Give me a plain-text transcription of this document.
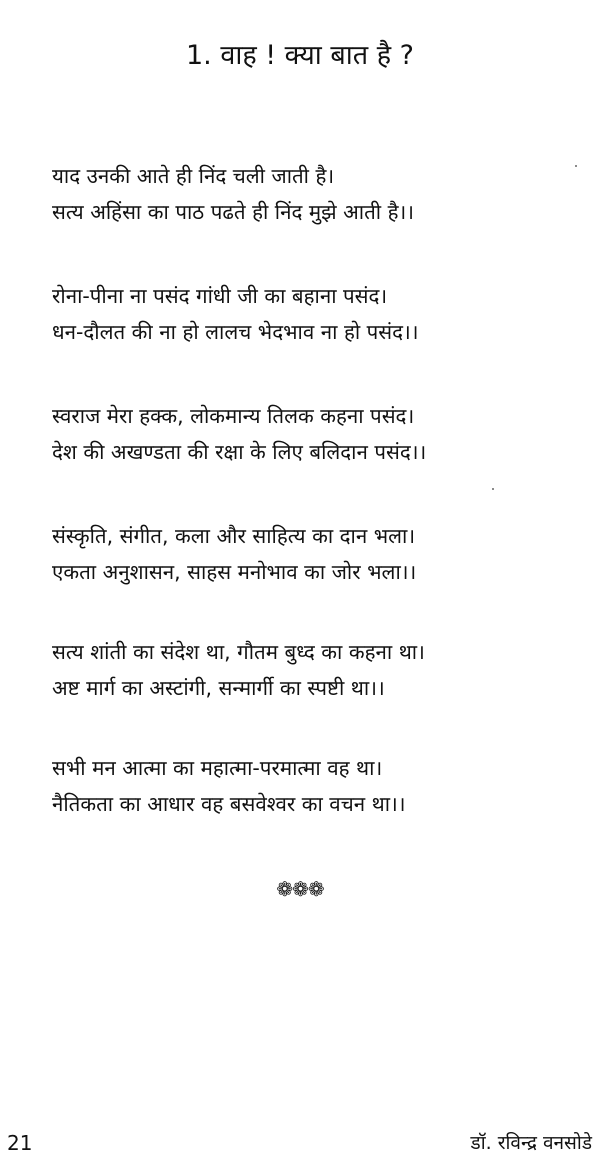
1. वाह ! क्या बात है ?
याद उनकी आते ही निंद चली जाती है।
सत्य अहिंसा का पाठ पढते ही निंद मुझे आती है।।
रोना-पीना ना पसंद गांधी जी का बहाना पसंद।
धन-दौलत की ना हो लालच भेदभाव ना हो पसंद।।
स्वराज मेरा हक्क, लोकमान्य तिलक कहना पसंद।
देश की अखण्डता की रक्षा के लिए बलिदान पसंद।।
संस्कृति, संगीत, कला और साहित्य का दान भला।
एकता अनुशासन, साहस मनोभाव का जोर भला।।
सत्य शांती का संदेश था, गौतम बुध्द का कहना था।
अष्ट मार्ग का अस्टांगी, सन्मार्गी का स्पष्टी था।।
सभी मन आत्मा का महात्मा-परमात्मा वह था।
नैतिकता का आधार वह बसवेश्वर का वचन था।।
❁❁❁
21	डॉ. रविन्द्र वनसोडे
